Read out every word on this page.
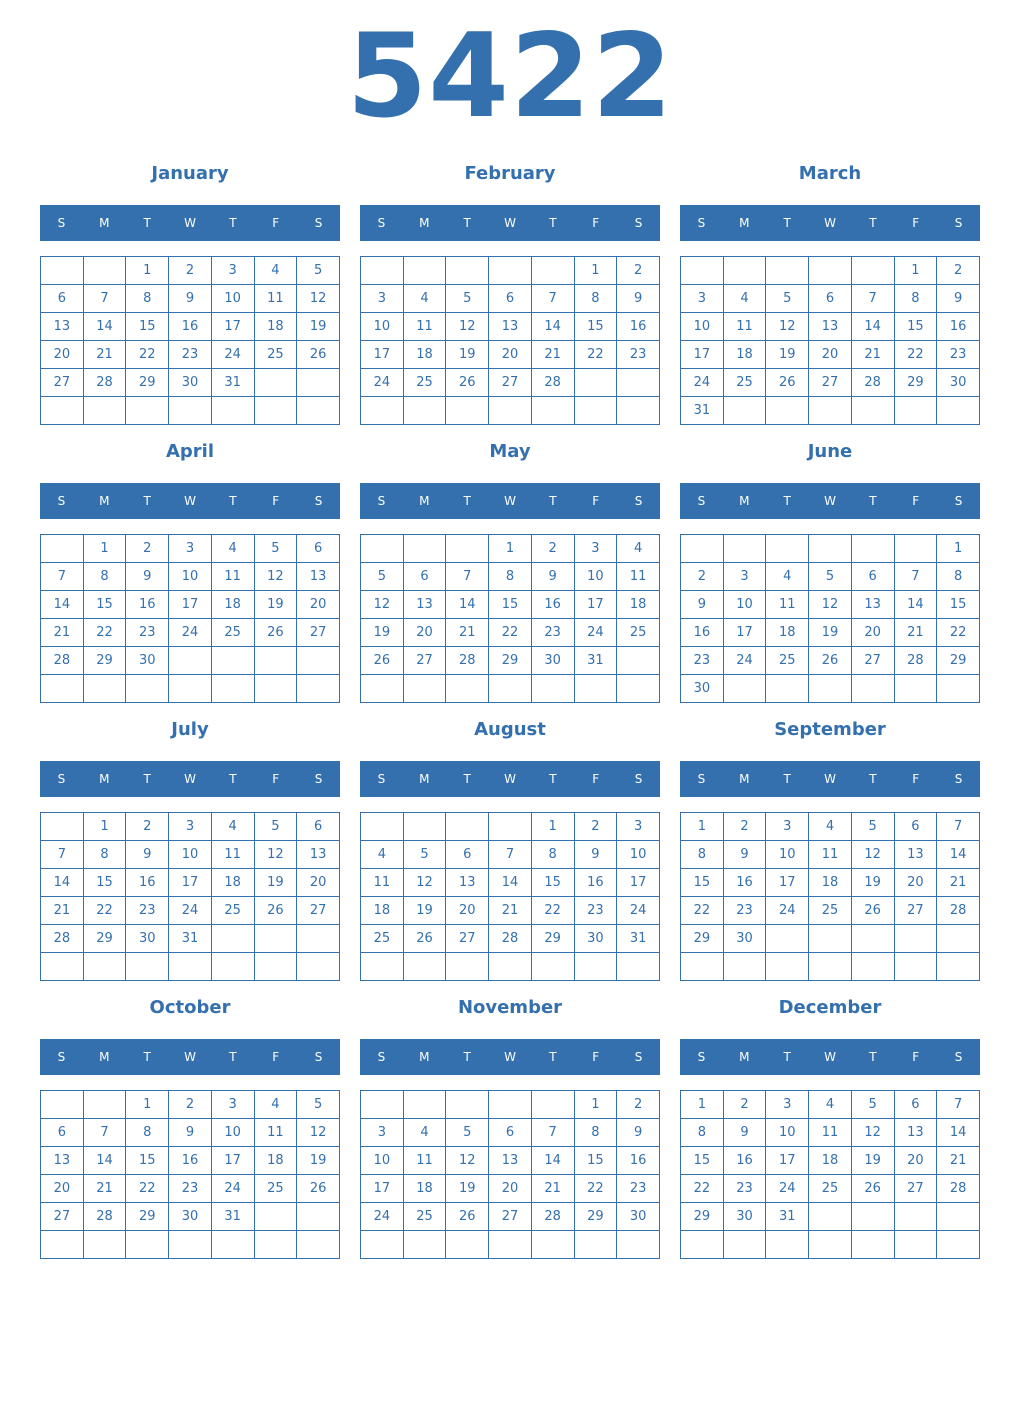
5422
January
S	M	T	W	T	F	S
		1	2	3	4	5
6	7	8	9	10	11	12
13	14	15	16	17	18	19
20	21	22	23	24	25	26
27	28	29	30	31		

February
S	M	T	W	T	F	S
					1	2
3	4	5	6	7	8	9
10	11	12	13	14	15	16
17	18	19	20	21	22	23
24	25	26	27	28		

March
S	M	T	W	T	F	S
					1	2
3	4	5	6	7	8	9
10	11	12	13	14	15	16
17	18	19	20	21	22	23
24	25	26	27	28	29	30
31						
April
S	M	T	W	T	F	S
	1	2	3	4	5	6
7	8	9	10	11	12	13
14	15	16	17	18	19	20
21	22	23	24	25	26	27
28	29	30				

May
S	M	T	W	T	F	S
			1	2	3	4
5	6	7	8	9	10	11
12	13	14	15	16	17	18
19	20	21	22	23	24	25
26	27	28	29	30	31	

June
S	M	T	W	T	F	S
						1
2	3	4	5	6	7	8
9	10	11	12	13	14	15
16	17	18	19	20	21	22
23	24	25	26	27	28	29
30						
July
S	M	T	W	T	F	S
	1	2	3	4	5	6
7	8	9	10	11	12	13
14	15	16	17	18	19	20
21	22	23	24	25	26	27
28	29	30	31			

August
S	M	T	W	T	F	S
				1	2	3
4	5	6	7	8	9	10
11	12	13	14	15	16	17
18	19	20	21	22	23	24
25	26	27	28	29	30	31

September
S	M	T	W	T	F	S
1	2	3	4	5	6	7
8	9	10	11	12	13	14
15	16	17	18	19	20	21
22	23	24	25	26	27	28
29	30					

October
S	M	T	W	T	F	S
		1	2	3	4	5
6	7	8	9	10	11	12
13	14	15	16	17	18	19
20	21	22	23	24	25	26
27	28	29	30	31		

November
S	M	T	W	T	F	S
					1	2
3	4	5	6	7	8	9
10	11	12	13	14	15	16
17	18	19	20	21	22	23
24	25	26	27	28	29	30

December
S	M	T	W	T	F	S
1	2	3	4	5	6	7
8	9	10	11	12	13	14
15	16	17	18	19	20	21
22	23	24	25	26	27	28
29	30	31				
